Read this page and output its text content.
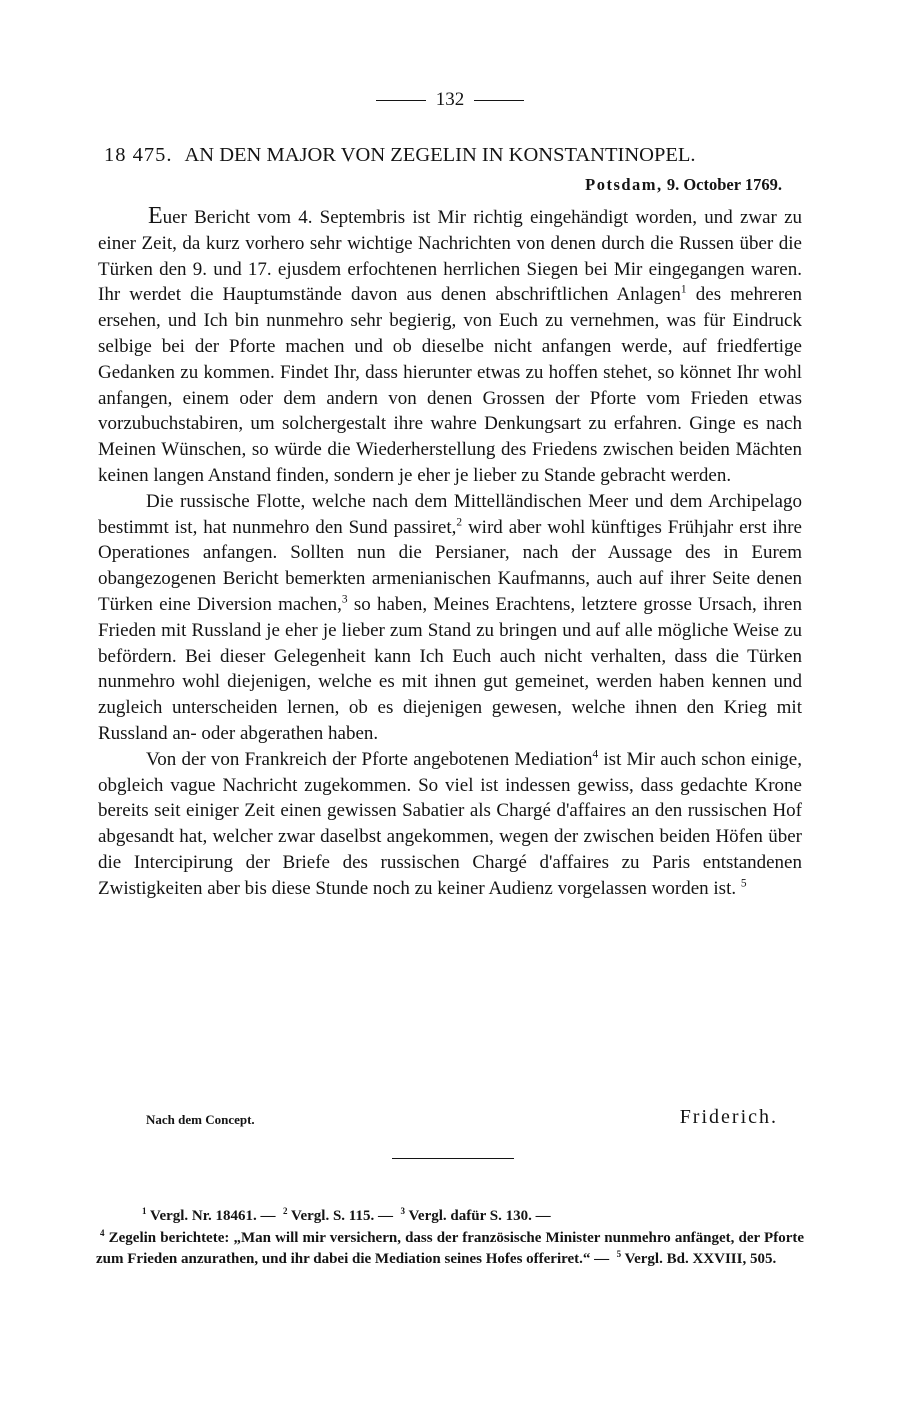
132
18 475. AN DEN MAJOR VON ZEGELIN IN KONSTANTINOPEL.
Potsdam, 9. October 1769.

Euer Bericht vom 4. Septembris ist Mir richtig eingehändigt worden, und zwar zu einer Zeit, da kurz vorhero sehr wichtige Nachrichten von denen durch die Russen über die Türken den 9. und 17. ejusdem erfochtenen herrlichen Siegen bei Mir eingegangen waren. Ihr werdet die Hauptumstände davon aus denen abschriftlichen Anlagen$^1$ des mehreren ersehen, und Ich bin nunmehro sehr begierig, von Euch zu vernehmen, was für Eindruck selbige bei der Pforte machen und ob dieselbe nicht anfangen werde, auf friedfertige Gedanken zu kommen. Findet Ihr, dass hierunter etwas zu hoffen stehet, so könnet Ihr wohl anfangen, einem oder dem andern von denen Grossen der Pforte vom Frieden etwas vorzubuchstabiren, um solchergestalt ihre wahre Denkungsart zu erfahren. Ginge es nach Meinen Wünschen, so würde die Wiederherstellung des Friedens zwischen beiden Mächten keinen langen Anstand finden, sondern je eher je lieber zu Stande gebracht werden.

Die russische Flotte, welche nach dem Mittelländischen Meer und dem Archipelago bestimmt ist, hat nunmehro den Sund passiret,$^2$ wird aber wohl künftiges Frühjahr erst ihre Operationes anfangen. Sollten nun die Persianer, nach der Aussage des in Eurem obangezogenen Bericht bemerkten armenianischen Kaufmanns, auch auf ihrer Seite denen Türken eine Diversion machen,$^3$ so haben, Meines Erachtens, letztere grosse Ursach, ihren Frieden mit Russland je eher je lieber zum Stand zu bringen und auf alle mögliche Weise zu befördern. Bei dieser Gelegenheit kann Ich Euch auch nicht verhalten, dass die Türken nunmehro wohl diejenigen, welche es mit ihnen gut gemeinet, werden haben kennen und zugleich unterscheiden lernen, ob es diejenigen gewesen, welche ihnen den Krieg mit Russland an- oder abgerathen haben.

Von der von Frankreich der Pforte angebotenen Mediation$^4$ ist Mir auch schon einige, obgleich vague Nachricht zugekommen. So viel ist indessen gewiss, dass gedachte Krone bereits seit einiger Zeit einen gewissen Sabatier als Chargé d'affaires an den russischen Hof abgesandt hat, welcher zwar daselbst angekommen, wegen der zwischen beiden Höfen über die Intercipirung der Briefe des russischen Chargé d'affaires zu Paris entstandenen Zwistigkeiten aber bis diese Stunde noch zu keiner Audienz vorgelassen worden ist. $^5$

Nach dem Concept.	Friderich.
$^1$ Vergl. Nr. 18461. — $^2$ Vergl. S. 115. — $^3$ Vergl. dafür S. 130. —
$^4$ Zegelin berichtete: „Man will mir versichern, dass der französische Minister nunmehro anfänget, der Pforte zum Frieden anzurathen, und ihr dabei die Mediation seines Hofes offeriret.“ — $^5$ Vergl. Bd. XXVIII, 505.
